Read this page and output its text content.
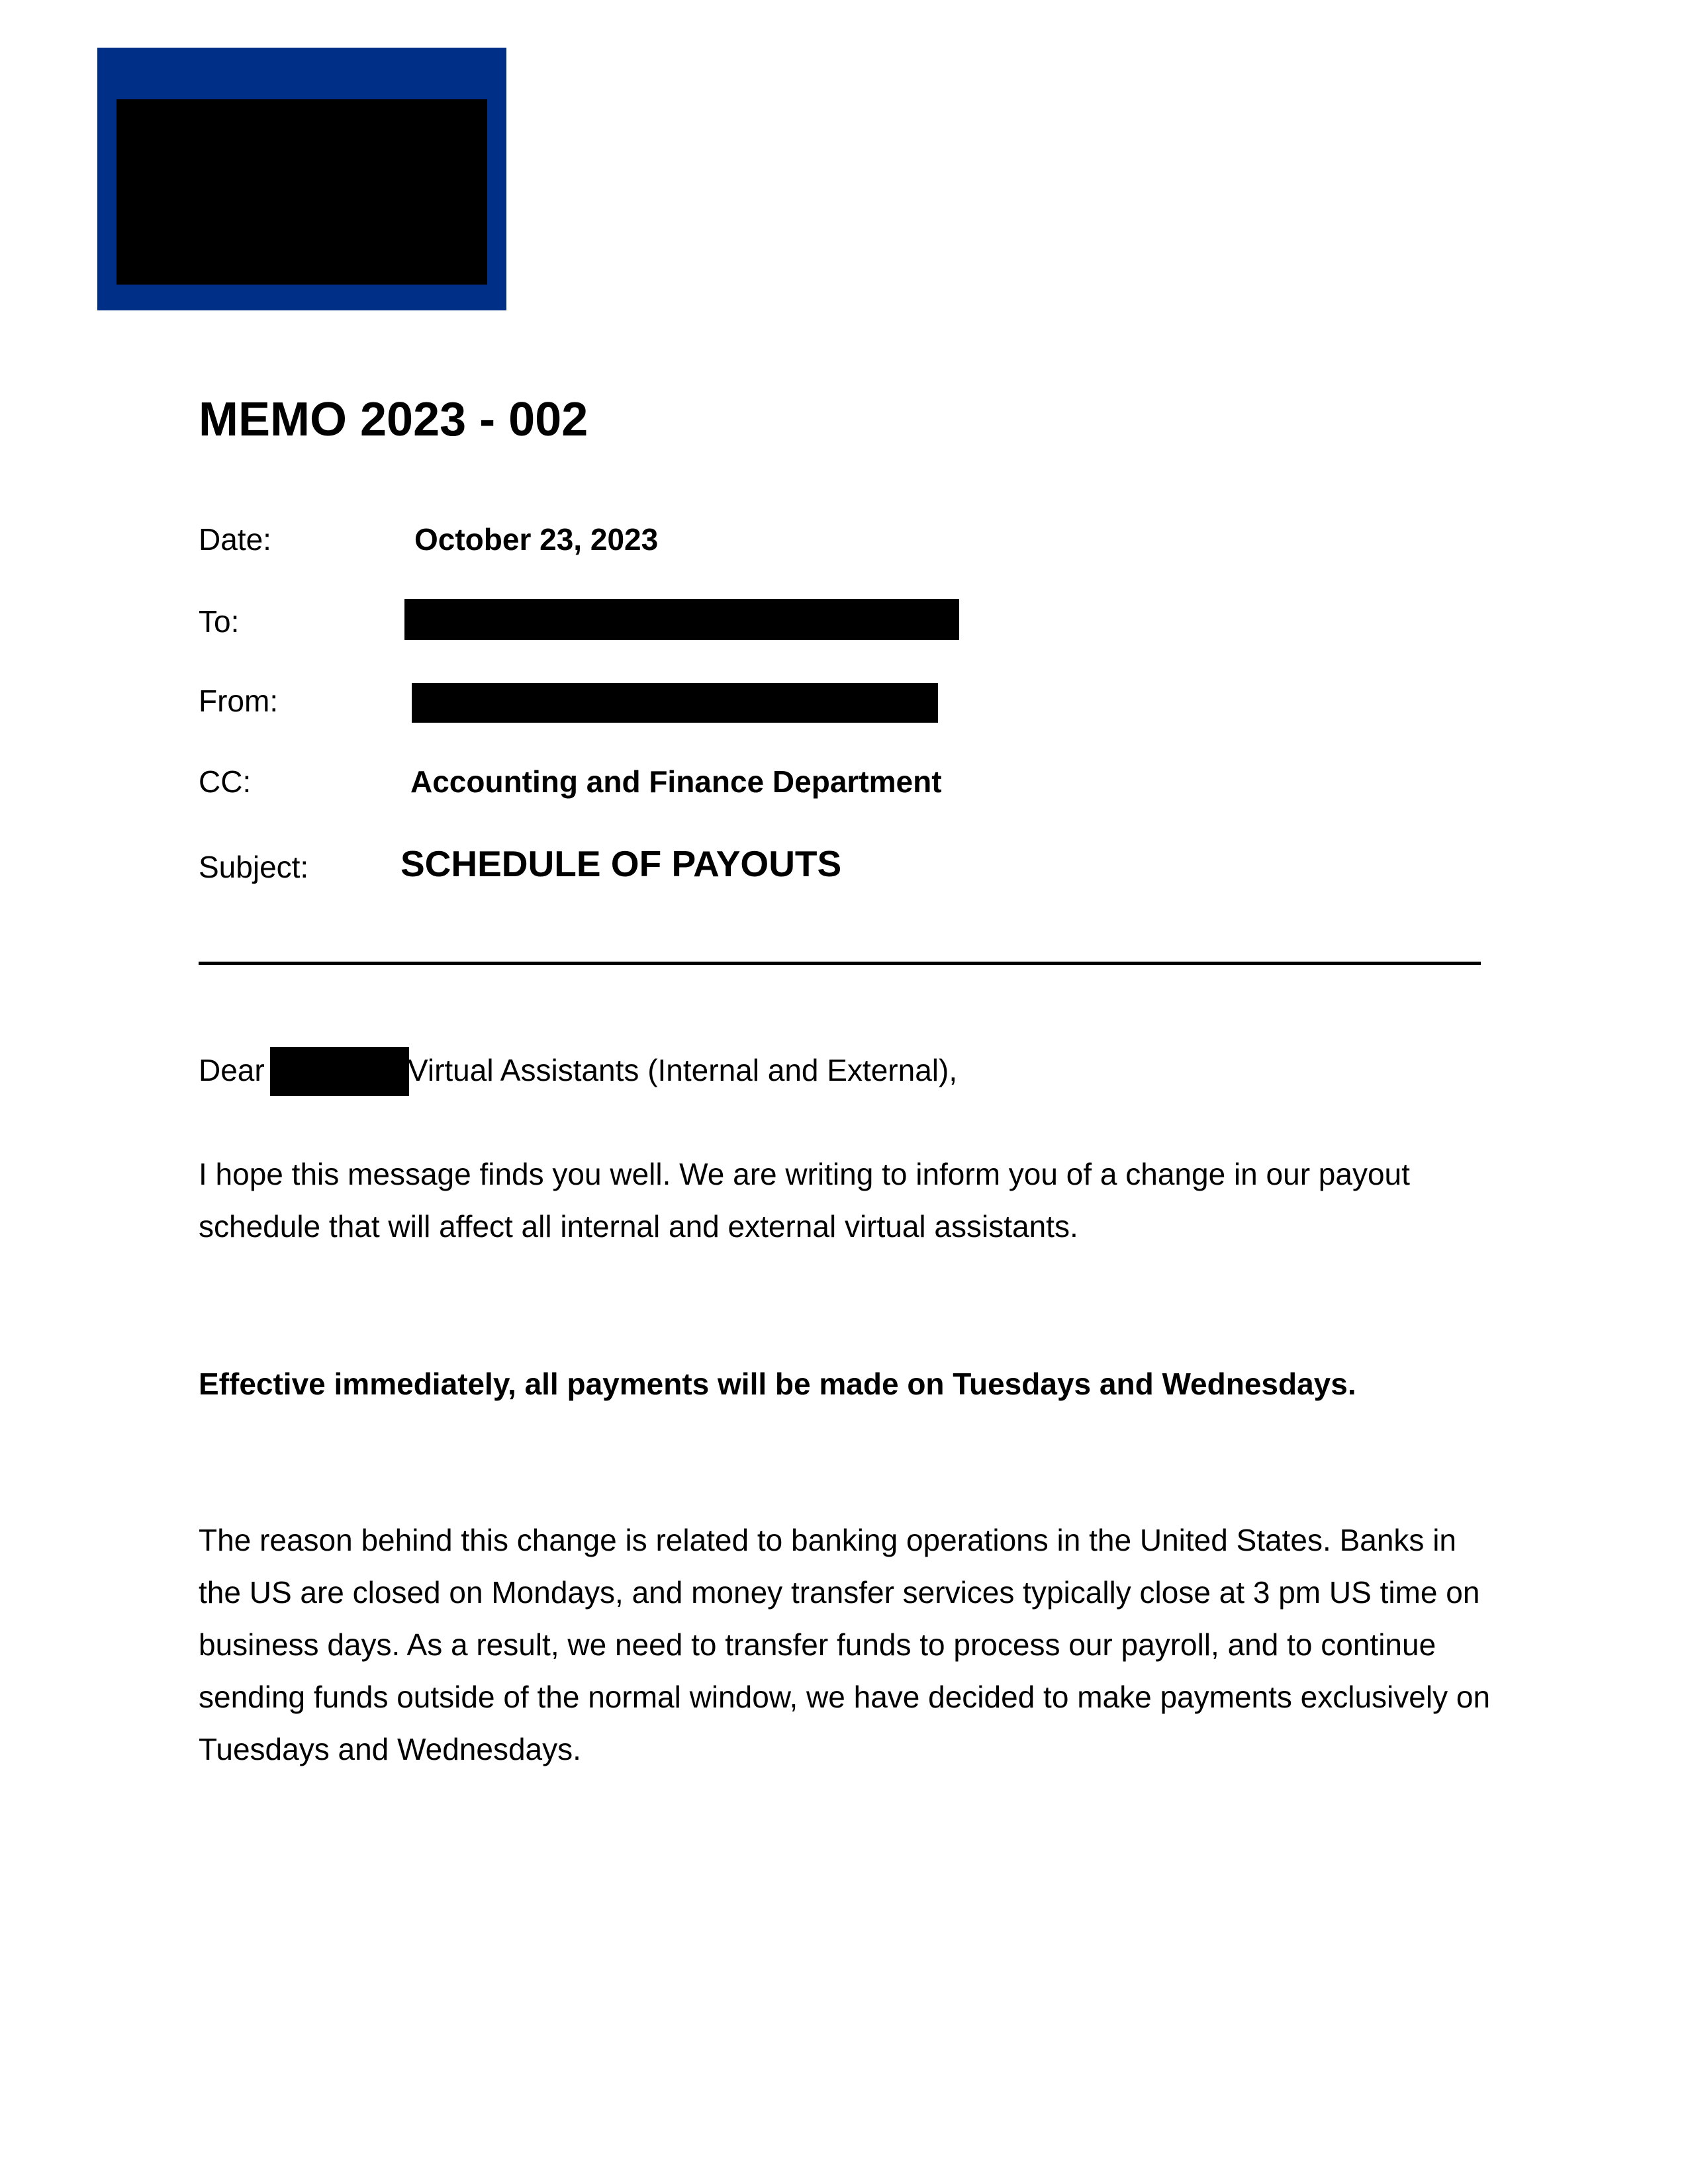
MEMO 2023 - 002
Date:	October 23, 2023
To:
From:
CC:	Accounting and Finance Department
Subject:	SCHEDULE OF PAYOUTS
Dear	Virtual Assistants (Internal and External),
I hope this message finds you well. We are writing to inform you of a change in our payout
schedule that will affect all internal and external virtual assistants.
Effective immediately, all payments will be made on Tuesdays and Wednesdays.
The reason behind this change is related to banking operations in the United States. Banks in
the US are closed on Mondays, and money transfer services typically close at 3 pm US time on
business days. As a result, we need to transfer funds to process our payroll, and to continue
sending funds outside of the normal window, we have decided to make payments exclusively on
Tuesdays and Wednesdays.
